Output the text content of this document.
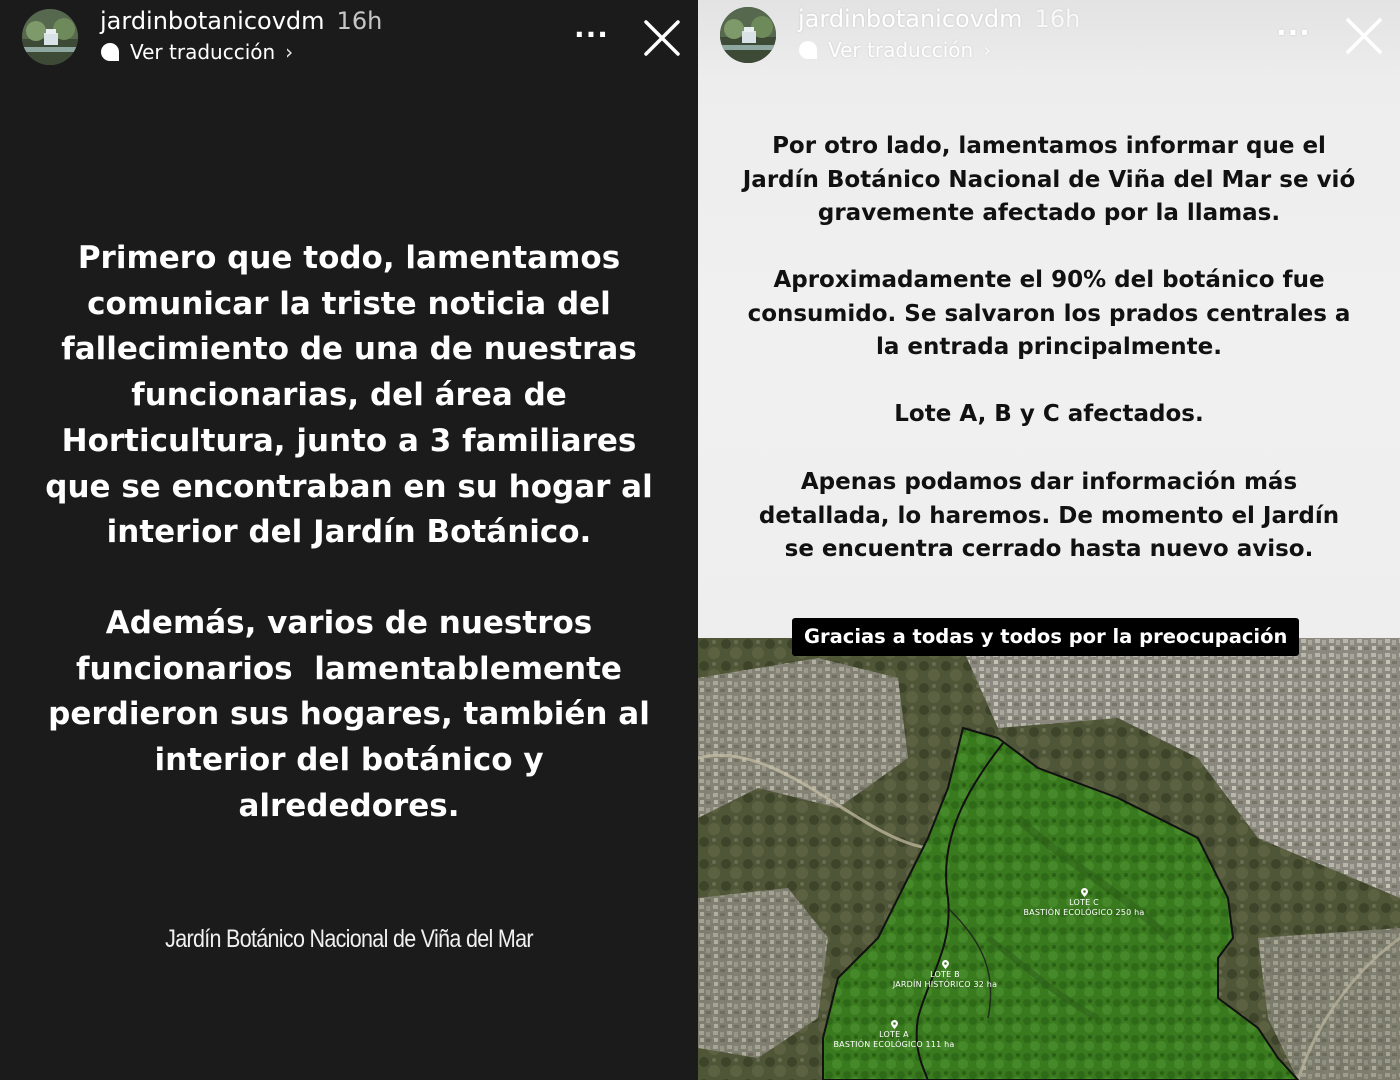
jardinbotanicovdm 16h
Ver traducción ›
···

Primero que todo, lamentamos

comunicar la triste noticia del

fallecimiento de una de nuestras

funcionarias, del área de

Horticultura, junto a 3 familiares

que se encontraban en su hogar al

interior del Jardín Botánico.

Además, varios de nuestros

funcionarios  lamentablemente

perdieron sus hogares, también al

interior del botánico y

alrededores.

Jardín Botánico Nacional de Viña del Mar

Por otro lado, lamentamos informar que el

Jardín Botánico Nacional de Viña del Mar se vió

gravemente afectado por la llamas.

Aproximadamente el 90% del botánico fue

consumido. Se salvaron los prados centrales a

la entrada principalmente.

Lote A, B y C afectados.

Apenas podamos dar información más

detallada, lo haremos. De momento el Jardín

se encuentra cerrado hasta nuevo aviso.

LOTE C
BASTIÓN ECOLÓGICO 250 ha
LOTE B
JARDÍN HISTÓRICO 32 ha
LOTE A
BASTIÓN ECOLÓGICO 111 ha
Gracias a todas y todos por la preocupación
jardinbotanicovdm 16h
Ver traducción ›
···
